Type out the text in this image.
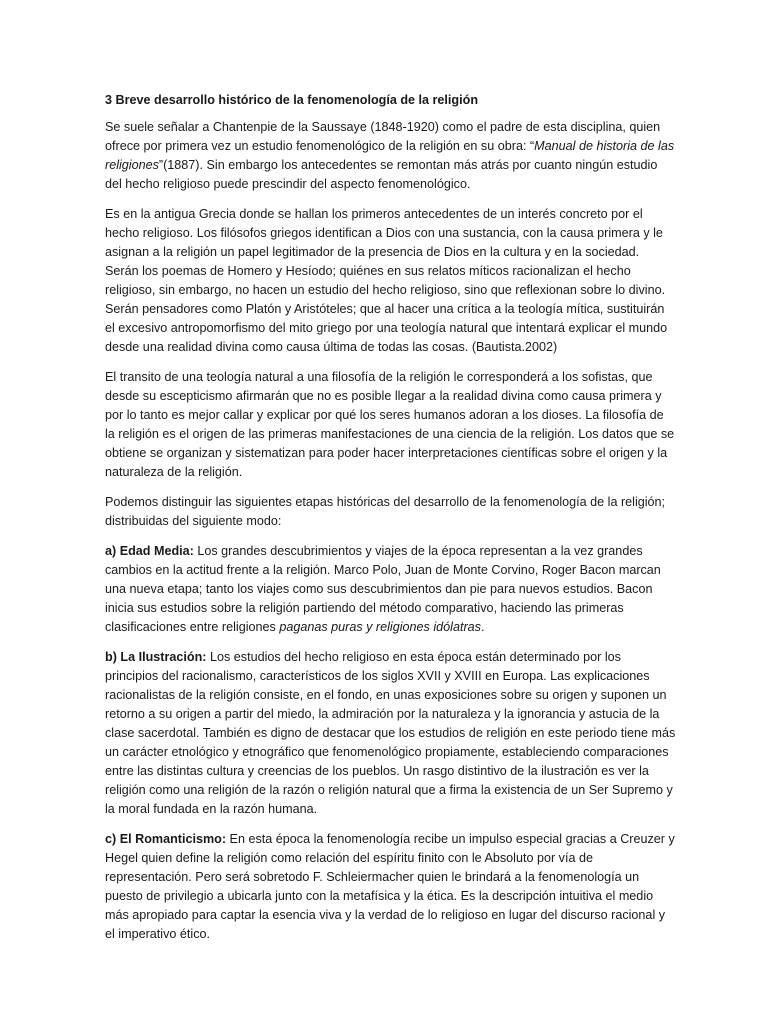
3 Breve desarrollo histórico de la fenomenología de la religión

Se suele señalar a Chantenpie de la Saussaye (1848-1920) como el padre de esta disciplina, quien ofrece por primera vez un estudio fenomenológico de la religión en su obra: “Manual de historia de las religiones”(1887). Sin embargo los antecedentes se remontan más atrás por cuanto ningún estudio del hecho religioso puede prescindir del aspecto fenomenológico.

Es en la antigua Grecia donde se hallan los primeros antecedentes de un interés concreto por el hecho religioso. Los filósofos griegos identifican a Dios con una sustancia, con la causa primera y le asignan a la religión un papel legitimador de la presencia de Dios en la cultura y en la sociedad. Serán los poemas de Homero y Hesíodo; quiénes en sus relatos míticos racionalizan el hecho religioso, sin embargo, no hacen un estudio del hecho religioso, sino que reflexionan sobre lo divino. Serán pensadores como Platón y Aristóteles; que al hacer una crítica a la teología mítica, sustituirán el excesivo antropomorfismo del mito griego por una teología natural que intentará explicar el mundo desde una realidad divina como causa última de todas las cosas. (Bautista.2002)

El transito de una teología natural a una filosofía de la religión le corresponderá a los sofistas, que desde su escepticismo afirmarán que no es posible llegar a la realidad divina como causa primera y por lo tanto es mejor callar y explicar por qué los seres humanos adoran a los dioses. La filosofía de la religión es el origen de las primeras manifestaciones de una ciencia de la religión. Los datos que se obtiene se organizan y sistematizan para poder hacer interpretaciones científicas sobre el origen y la naturaleza de la religión.

Podemos distinguir las siguientes etapas históricas del desarrollo de la fenomenología de la religión; distribuidas del siguiente modo:

a) Edad Media: Los grandes descubrimientos y viajes de la época representan a la vez grandes cambios en la actitud frente a la religión. Marco Polo, Juan de Monte Corvino, Roger Bacon marcan una nueva etapa; tanto los viajes como sus descubrimientos dan pie para nuevos estudios. Bacon inicia sus estudios sobre la religión partiendo del método comparativo, haciendo las primeras clasificaciones entre religiones paganas puras y religiones idólatras.

b) La Ilustración: Los estudios del hecho religioso en esta época están determinado por los principios del racionalismo, característicos de los siglos XVII y XVIII en Europa. Las explicaciones racionalistas de la religión consiste, en el fondo, en unas exposiciones sobre su origen y suponen un retorno a su origen a partir del miedo, la admiración por la naturaleza y la ignorancia y astucia de la clase sacerdotal. También es digno de destacar que los estudios de religión en este periodo tiene más un carácter etnológico y etnográfico que fenomenológico propiamente, estableciendo comparaciones entre las distintas cultura y creencias de los pueblos. Un rasgo distintivo de la ilustración es ver la religión como una religión de la razón o religión natural que a firma la existencia de un Ser Supremo y la moral fundada en la razón humana.

c) El Romanticismo: En esta época la fenomenología recibe un impulso especial gracias a Creuzer y Hegel quien define la religión como relación del espíritu finito con le Absoluto por vía de representación. Pero será sobretodo F. Schleiermacher quien le brindará a la fenomenología un puesto de privilegio a ubicarla junto con la metafísica y la ética. Es la descripción intuitiva el medio más apropiado para captar la esencia viva y la verdad de lo religioso en lugar del discurso racional y el imperativo ético.
